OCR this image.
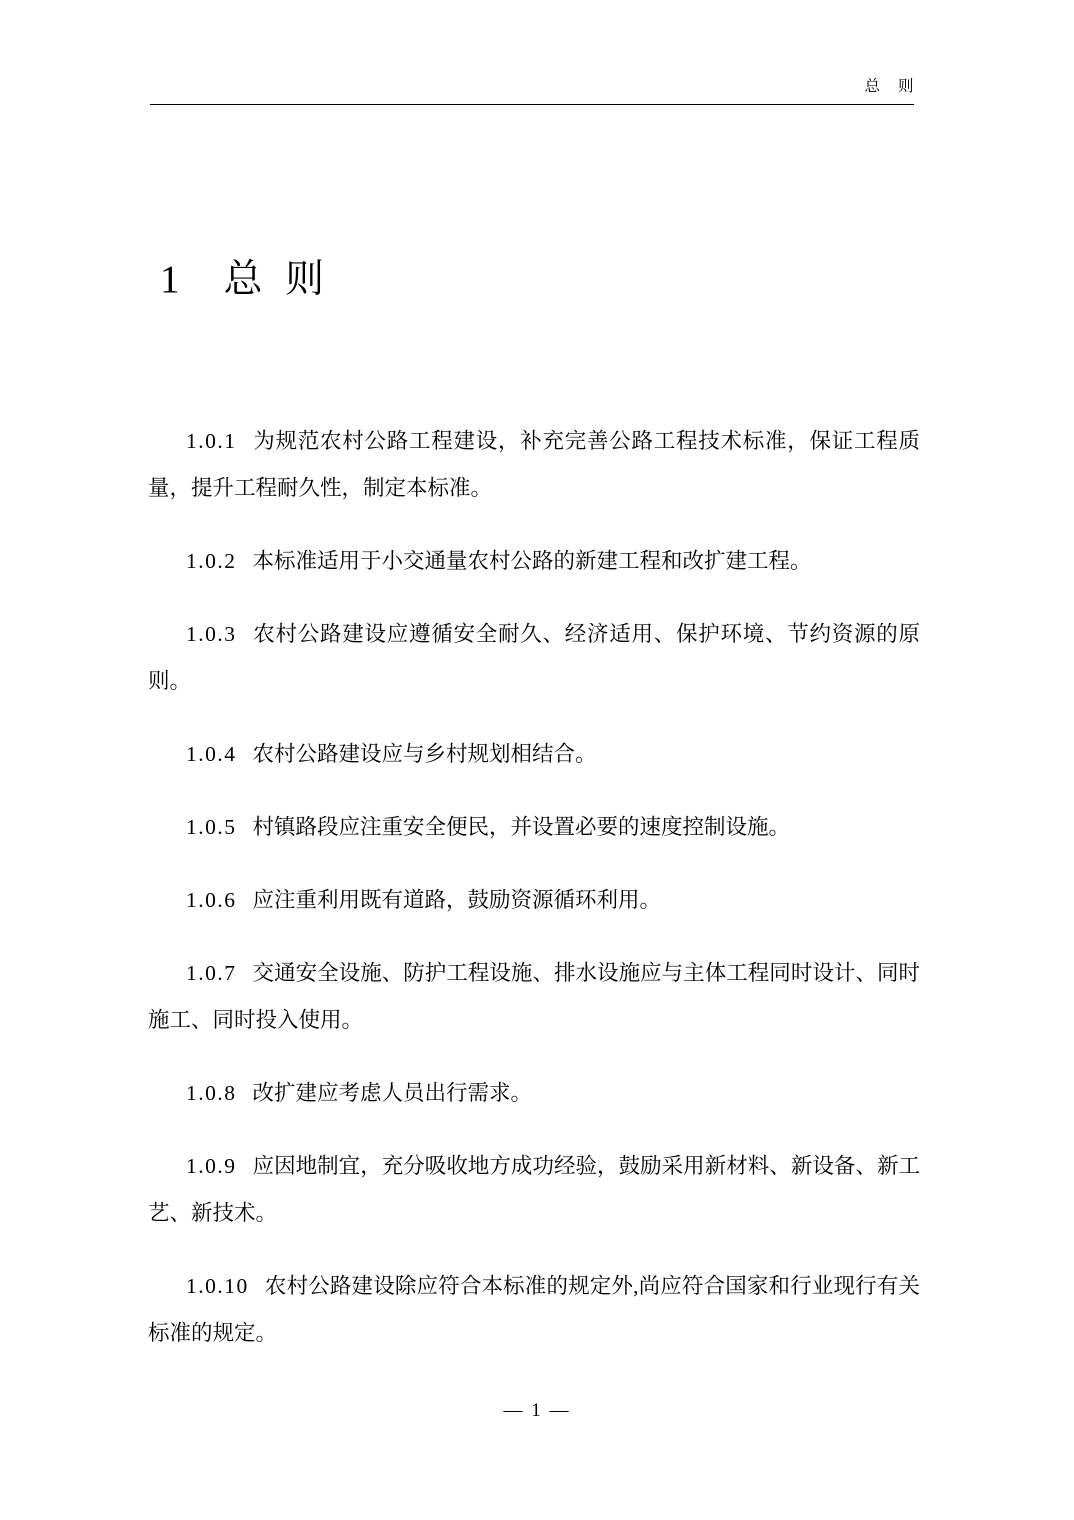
总    则
1    总  则

1.0.1 为规范农村公路工程建设，补充完善公路工程技术标准，保证工程质量，提升工程耐久性，制定本标准。

1.0.2 本标准适用于小交通量农村公路的新建工程和改扩建工程。

1.0.3 农村公路建设应遵循安全耐久、经济适用、保护环境、节约资源的原则。

1.0.4 农村公路建设应与乡村规划相结合。

1.0.5 村镇路段应注重安全便民，并设置必要的速度控制设施。

1.0.6 应注重利用既有道路，鼓励资源循环利用。

1.0.7 交通安全设施、防护工程设施、排水设施应与主体工程同时设计、同时施工、同时投入使用。

1.0.8 改扩建应考虑人员出行需求。

1.0.9 应因地制宜，充分吸收地方成功经验，鼓励采用新材料、新设备、新工艺、新技术。

1.0.10 农村公路建设除应符合本标准的规定外,尚应符合国家和行业现行有关标准的规定。

— 1 —
